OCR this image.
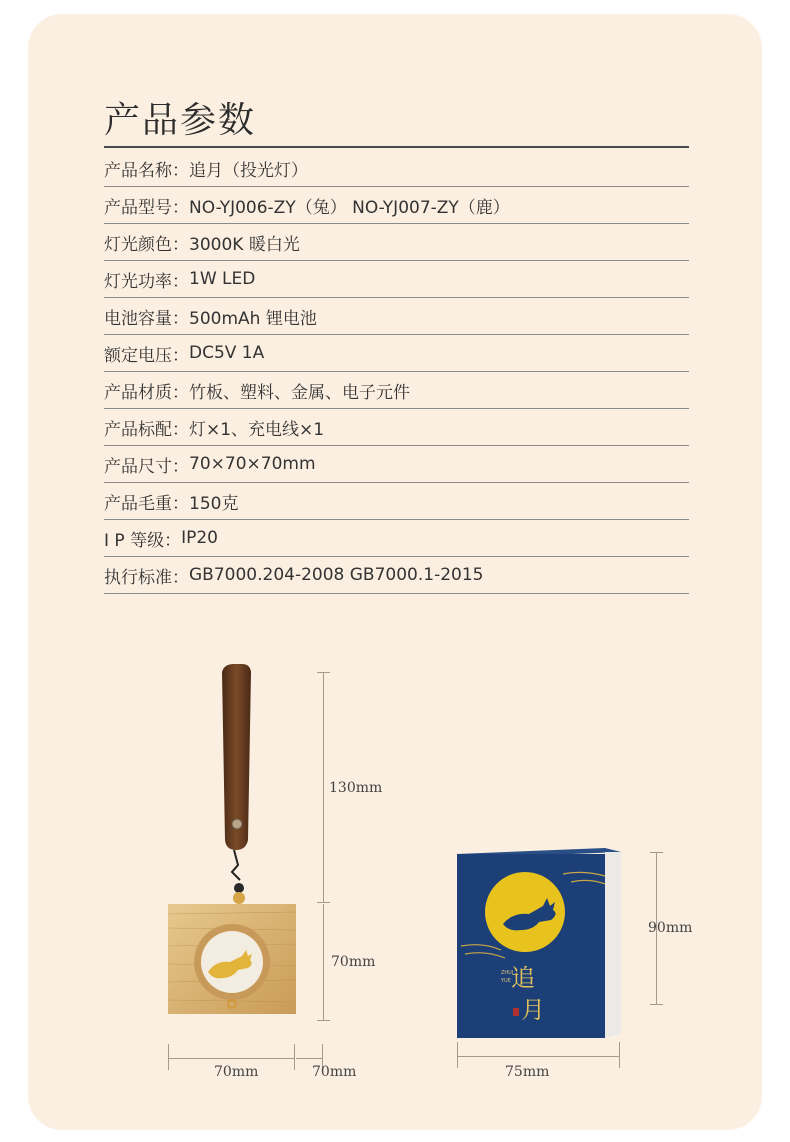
产品参数
产品名称： 追月（投光灯）
产品型号： NO-YJ006-ZY（兔） NO-YJ007-ZY（鹿）
灯光颜色： 3000K 暖白光
灯光功率： 1W LED
电池容量： 500mAh 锂电池
额定电压： DC5V 1A
产品材质： 竹板、塑料、金属、电子元件
产品标配： 灯×1、充电线×1
产品尺寸： 70×70×70mm
产品毛重： 150克
I P 等级： IP20
执行标准： GB7000.204-2008 GB7000.1-2015
ZHUI
YUE 追
月
130mm
70mm
70mm	70mm
90mm
75mm
